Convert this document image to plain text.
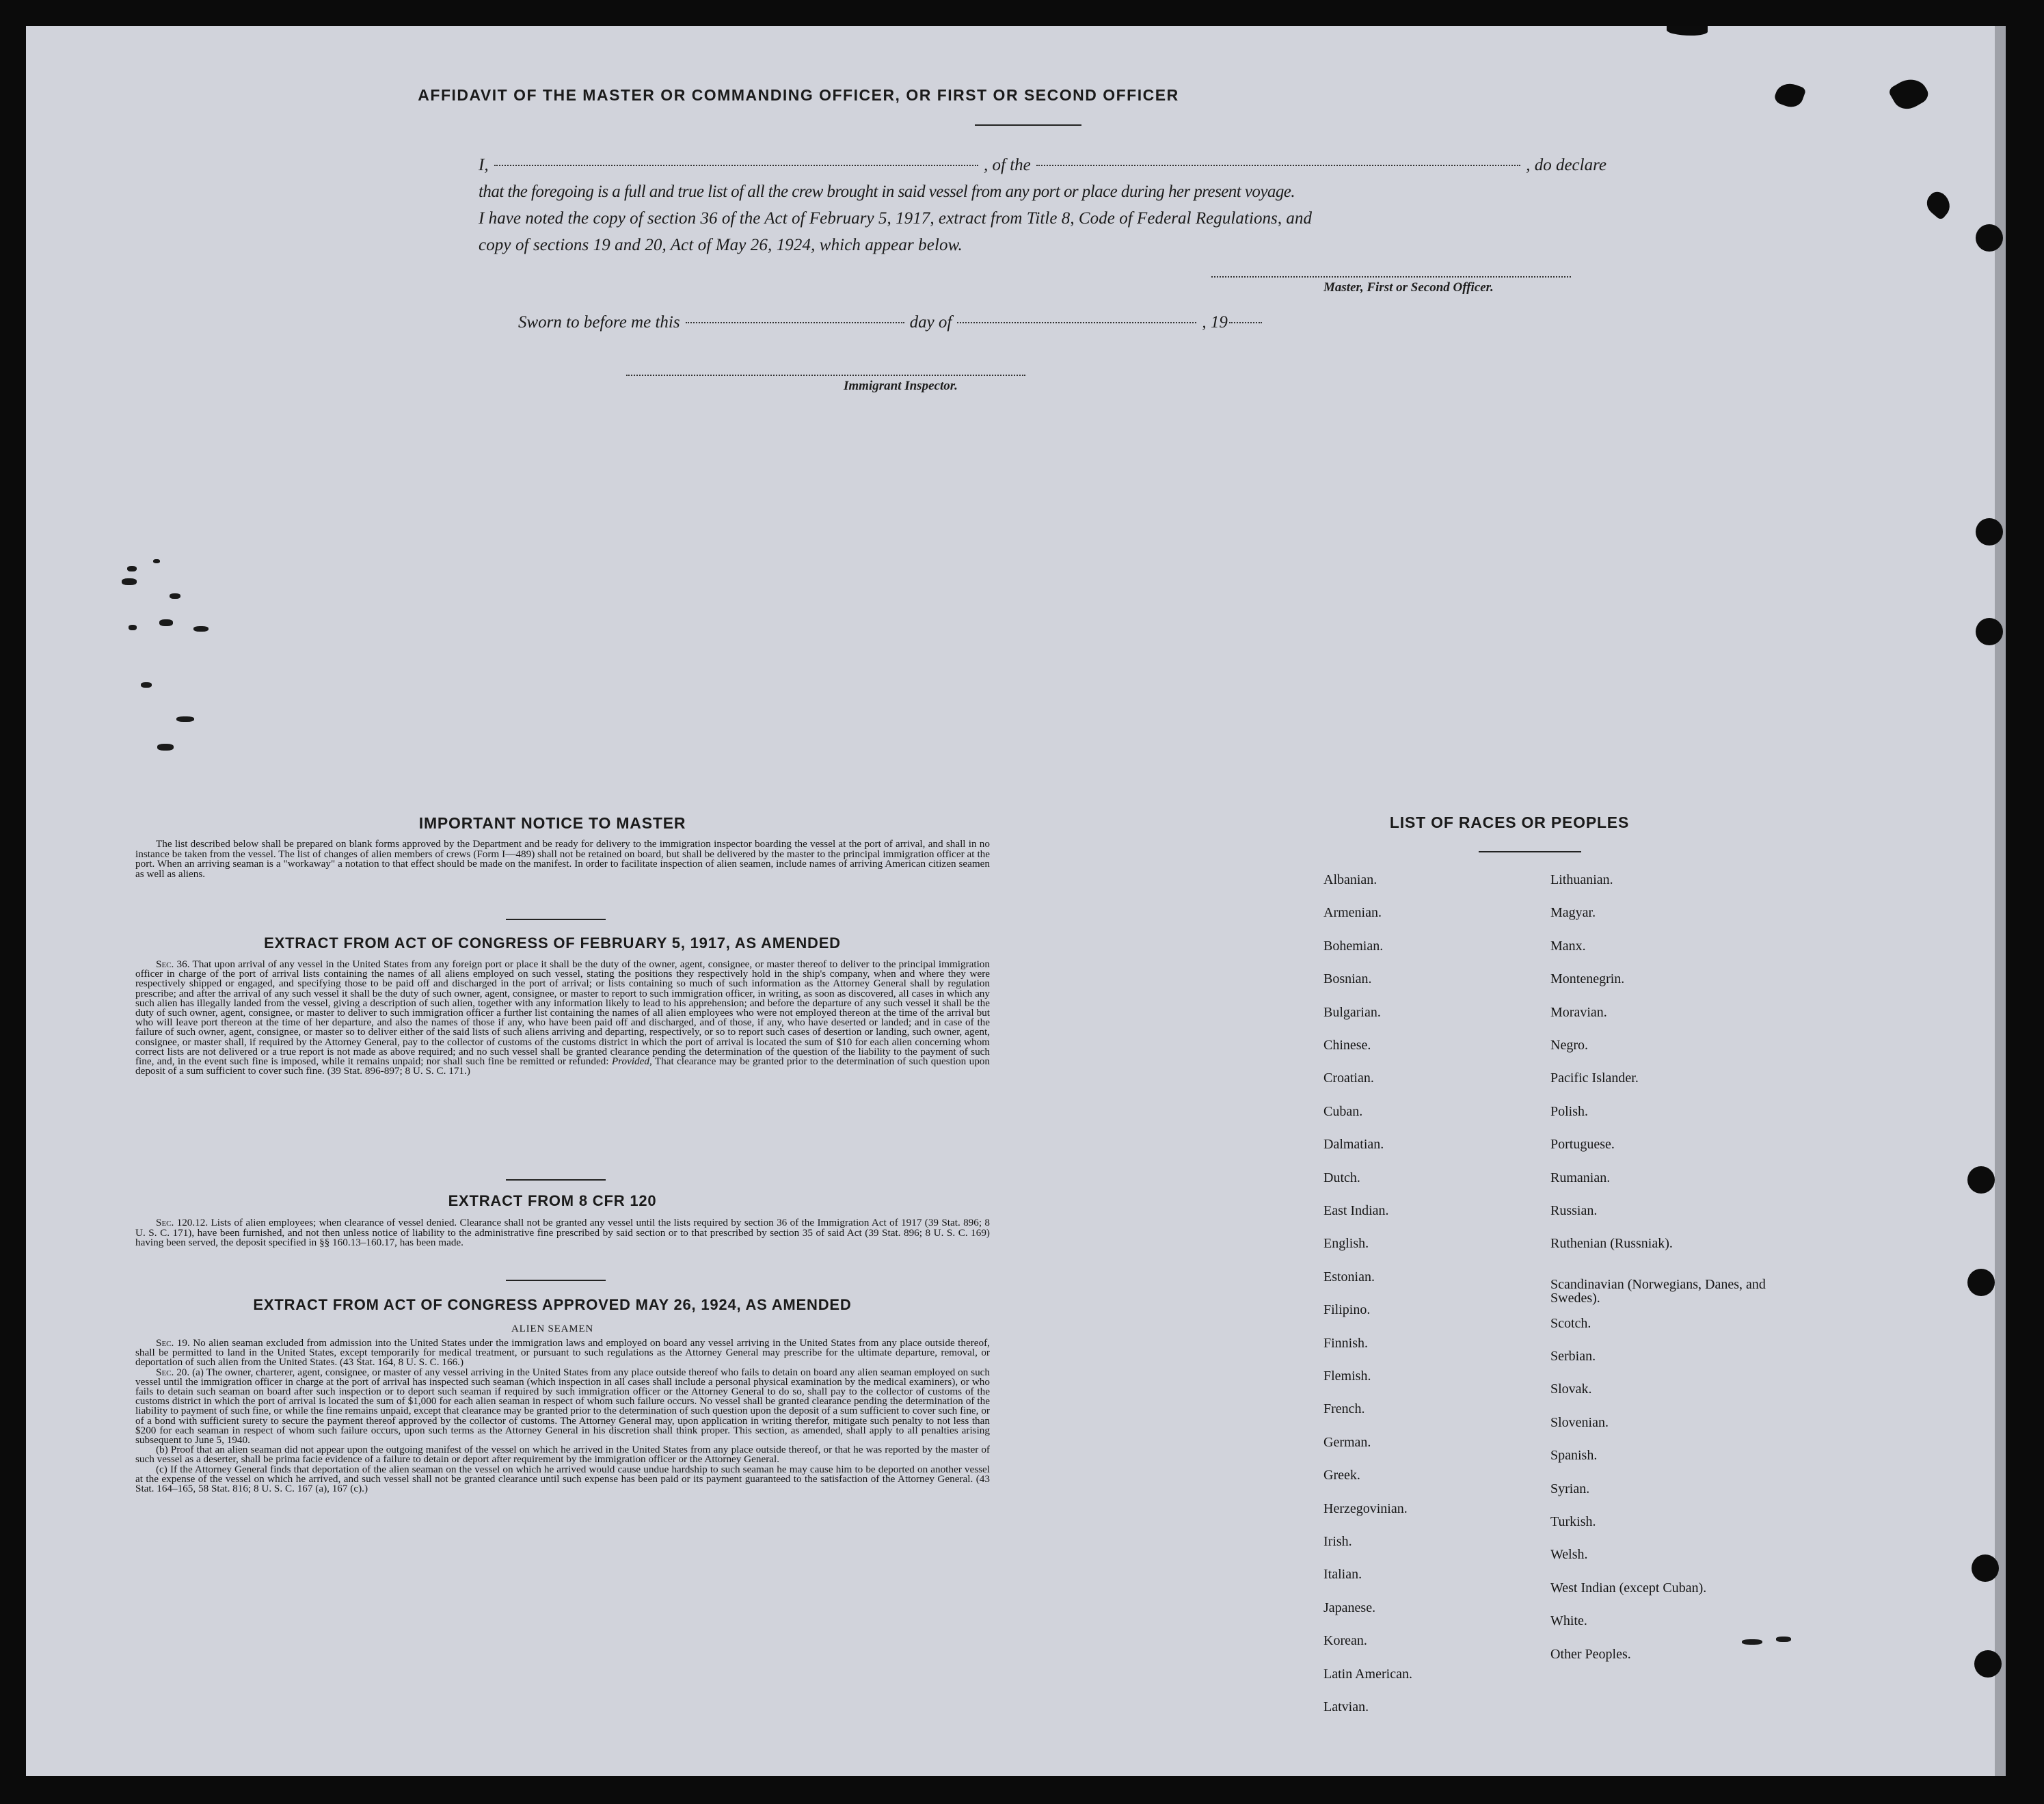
AFFIDAVIT OF THE MASTER OR COMMANDING OFFICER, OR FIRST OR SECOND OFFICER
I,	, of the	, do declare
that the foregoing is a full and true list of all the crew brought in said vessel from any port or place during her present voyage.
I have noted the copy of section 36 of the Act of February 5, 1917, extract from Title 8, Code of Federal Regulations, and
copy of sections 19 and 20, Act of May 26, 1924, which appear below.
Master, First or Second Officer.
Sworn to before me this	day of	, 19
Immigrant Inspector.
IMPORTANT NOTICE TO MASTER

The list described below shall be prepared on blank forms approved by the Department and be ready for delivery to the immigration inspector boarding the vessel at the port of arrival, and shall in no instance be taken from the vessel. The list of changes of alien members of crews (Form I—489) shall not be retained on board, but shall be delivered by the master to the principal immigration officer at the port. When an arriving seaman is a "workaway" a notation to that effect should be made on the manifest. In order to facilitate inspection of alien seamen, include names of arriving American citizen seamen as well as aliens.

EXTRACT FROM ACT OF CONGRESS OF FEBRUARY 5, 1917, AS AMENDED

Sec. 36. That upon arrival of any vessel in the United States from any foreign port or place it shall be the duty of the owner, agent, consignee, or master thereof to deliver to the principal immigration officer in charge of the port of arrival lists containing the names of all aliens employed on such vessel, stating the positions they respectively hold in the ship's company, when and where they were respectively shipped or engaged, and specifying those to be paid off and discharged in the port of arrival; or lists containing so much of such information as the Attorney General shall by regulation prescribe; and after the arrival of any such vessel it shall be the duty of such owner, agent, consignee, or master to report to such immigration officer, in writing, as soon as discovered, all cases in which any such alien has illegally landed from the vessel, giving a description of such alien, together with any information likely to lead to his apprehension; and before the departure of any such vessel it shall be the duty of such owner, agent, consignee, or master to deliver to such immigration officer a further list containing the names of all alien employees who were not employed thereon at the time of the arrival but who will leave port thereon at the time of her departure, and also the names of those if any, who have been paid off and discharged, and of those, if any, who have deserted or landed; and in case of the failure of such owner, agent, consignee, or master so to deliver either of the said lists of such aliens arriving and departing, respectively, or so to report such cases of desertion or landing, such owner, agent, consignee, or master shall, if required by the Attorney General, pay to the collector of customs of the customs district in which the port of arrival is located the sum of $10 for each alien concerning whom correct lists are not delivered or a true report is not made as above required; and no such vessel shall be granted clearance pending the determination of the question of the liability to the payment of such fine, and, in the event such fine is imposed, while it remains unpaid; nor shall such fine be remitted or refunded: Provided, That clearance may be granted prior to the determination of such question upon deposit of a sum sufficient to cover such fine. (39 Stat. 896-897; 8 U. S. C. 171.)

EXTRACT FROM 8 CFR 120

Sec. 120.12. Lists of alien employees; when clearance of vessel denied. Clearance shall not be granted any vessel until the lists required by section 36 of the Immigration Act of 1917 (39 Stat. 896; 8 U. S. C. 171), have been furnished, and not then unless notice of liability to the administrative fine prescribed by said section or to that prescribed by section 35 of said Act (39 Stat. 896; 8 U. S. C. 169) having been served, the deposit specified in §§ 160.13–160.17, has been made.

EXTRACT FROM ACT OF CONGRESS APPROVED MAY 26, 1924, AS AMENDED
ALIEN SEAMEN

Sec. 19. No alien seaman excluded from admission into the United States under the immigration laws and employed on board any vessel arriving in the United States from any place outside thereof, shall be permitted to land in the United States, except temporarily for medical treatment, or pursuant to such regulations as the Attorney General may prescribe for the ultimate departure, removal, or deportation of such alien from the United States. (43 Stat. 164, 8 U. S. C. 166.)

Sec. 20. (a) The owner, charterer, agent, consignee, or master of any vessel arriving in the United States from any place outside thereof who fails to detain on board any alien seaman employed on such vessel until the immigration officer in charge at the port of arrival has inspected such seaman (which inspection in all cases shall include a personal physical examination by the medical examiners), or who fails to detain such seaman on board after such inspection or to deport such seaman if required by such immigration officer or the Attorney General to do so, shall pay to the collector of customs of the customs district in which the port of arrival is located the sum of $1,000 for each alien seaman in respect of whom such failure occurs. No vessel shall be granted clearance pending the determination of the liability to payment of such fine, or while the fine remains unpaid, except that clearance may be granted prior to the determination of such question upon the deposit of a sum sufficient to cover such fine, or of a bond with sufficient surety to secure the payment thereof approved by the collector of customs. The Attorney General may, upon application in writing therefor, mitigate such penalty to not less than $200 for each seaman in respect of whom such failure occurs, upon such terms as the Attorney General in his discretion shall think proper. This section, as amended, shall apply to all penalties arising subsequent to June 5, 1940.

(b) Proof that an alien seaman did not appear upon the outgoing manifest of the vessel on which he arrived in the United States from any place outside thereof, or that he was reported by the master of such vessel as a deserter, shall be prima facie evidence of a failure to detain or deport after requirement by the immigration officer or the Attorney General.

(c) If the Attorney General finds that deportation of the alien seaman on the vessel on which he arrived would cause undue hardship to such seaman he may cause him to be deported on another vessel at the expense of the vessel on which he arrived, and such vessel shall not be granted clearance until such expense has been paid or its payment guaranteed to the satisfaction of the Attorney General. (43 Stat. 164–165, 58 Stat. 816; 8 U. S. C. 167 (a), 167 (c).)

LIST OF RACES OR PEOPLES
Albanian.
Armenian.
Bohemian.
Bosnian.
Bulgarian.
Chinese.
Croatian.
Cuban.
Dalmatian.
Dutch.
East Indian.
English.
Estonian.
Filipino.
Finnish.
Flemish.
French.
German.
Greek.
Herzegovinian.
Irish.
Italian.
Japanese.
Korean.
Latin American.
Latvian.
Lithuanian.
Magyar.
Manx.
Montenegrin.
Moravian.
Negro.
Pacific Islander.
Polish.
Portuguese.
Rumanian.
Russian.
Ruthenian (Russniak).
Scandinavian (Norwegians, Danes, and Swedes).
Scotch.
Serbian.
Slovak.
Slovenian.
Spanish.
Syrian.
Turkish.
Welsh.
West Indian (except Cuban).
White.
Other Peoples.
